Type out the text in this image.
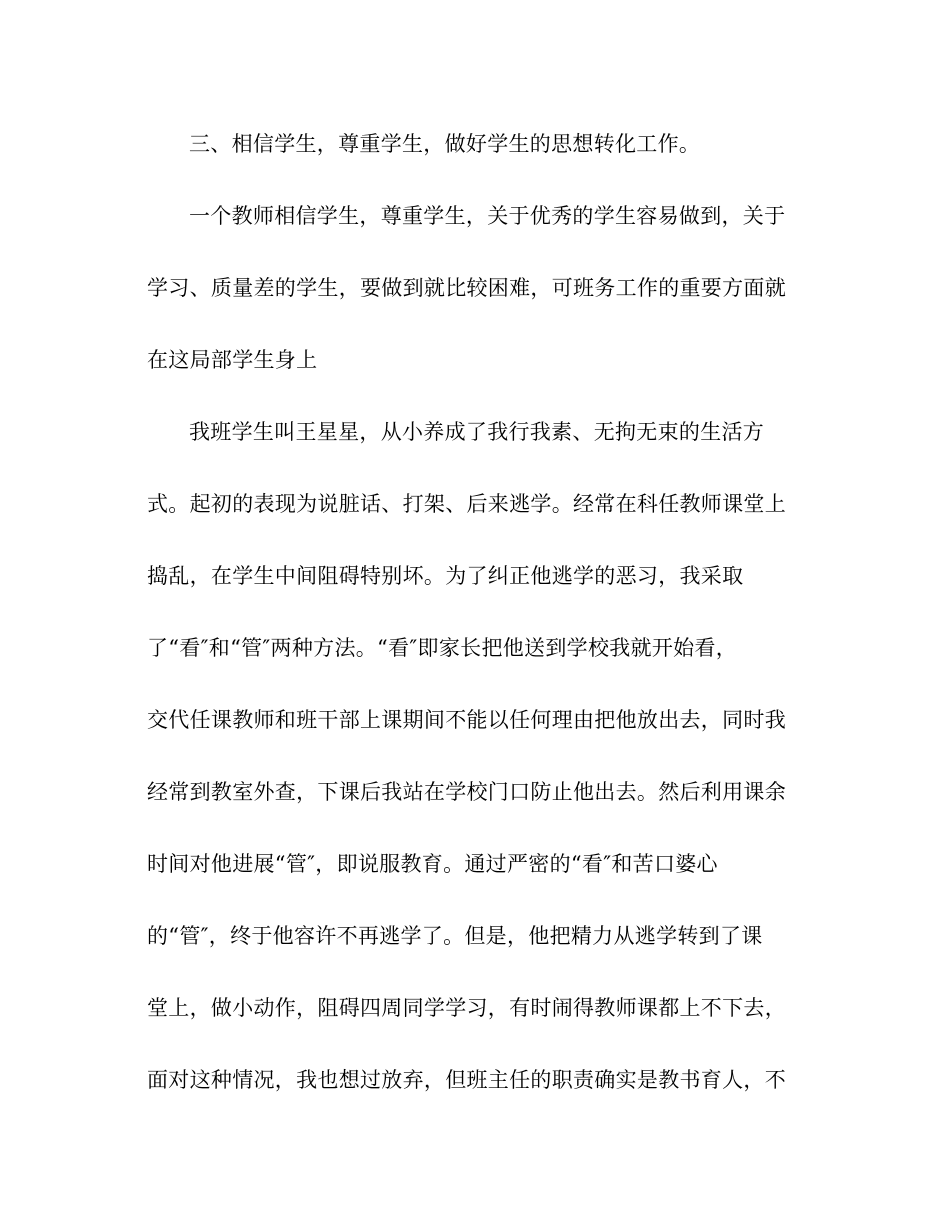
三、相信学生，尊重学生，做好学生的思想转化工作。
一个教师相信学生，尊重学生，关于优秀的学生容易做到，关于
学习、质量差的学生，要做到就比较困难，可班务工作的重要方面就
在这局部学生身上
我班学生叫王星星，从小养成了我行我素、无拘无束的生活方
式。起初的表现为说脏话、打架、后来逃学。经常在科任教师课堂上
捣乱，在学生中间阻碍特别坏。为了纠正他逃学的恶习，我采取
了“看″和“管″两种方法。“看″即家长把他送到学校我就开始看，
交代任课教师和班干部上课期间不能以任何理由把他放出去，同时我
经常到教室外查，下课后我站在学校门口防止他出去。然后利用课余
时间对他进展“管″，即说服教育。通过严密的“看″和苦口婆心
的“管″，终于他容许不再逃学了。但是，他把精力从逃学转到了课
堂上，做小动作，阻碍四周同学学习，有时闹得教师课都上不下去，
面对这种情况，我也想过放弃，但班主任的职责确实是教书育人，不
